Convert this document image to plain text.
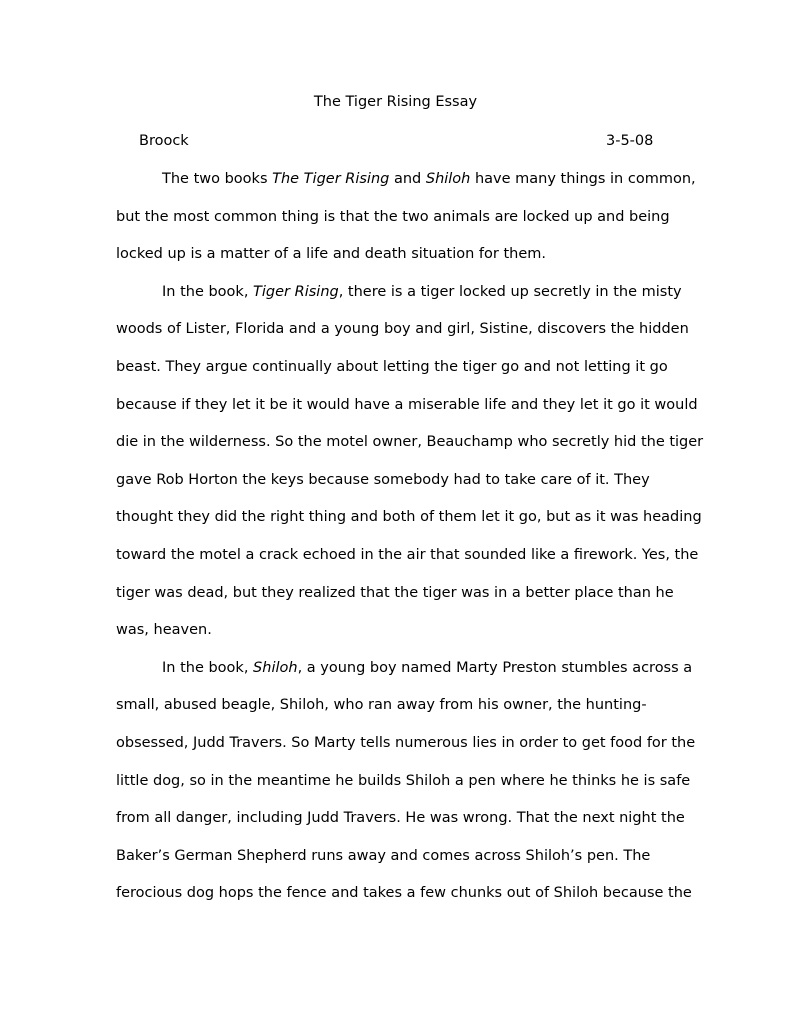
The Tiger Rising Essay
Broock	3-5-08
The two books The Tiger Rising and Shiloh have many things in common,
but the most common thing is that the two animals are locked up and being
locked up is a matter of a life and death situation for them.
In the book, Tiger Rising, there is a tiger locked up secretly in the misty
woods of Lister, Florida and a young boy and girl, Sistine, discovers the hidden
beast. They argue continually about letting the tiger go and not letting it go
because if they let it be it would have a miserable life and they let it go it would
die in the wilderness. So the motel owner, Beauchamp who secretly hid the tiger
gave Rob Horton the keys because somebody had to take care of it. They
thought they did the right thing and both of them let it go, but as it was heading
toward the motel a crack echoed in the air that sounded like a firework. Yes, the
tiger was dead, but they realized that the tiger was in a better place than he
was, heaven.
In the book, Shiloh, a young boy named Marty Preston stumbles across a
small, abused beagle, Shiloh, who ran away from his owner, the hunting-
obsessed, Judd Travers. So Marty tells numerous lies in order to get food for the
little dog, so in the meantime he builds Shiloh a pen where he thinks he is safe
from all danger, including Judd Travers. He was wrong. That the next night the
Baker’s German Shepherd runs away and comes across Shiloh’s pen. The
ferocious dog hops the fence and takes a few chunks out of Shiloh because the
